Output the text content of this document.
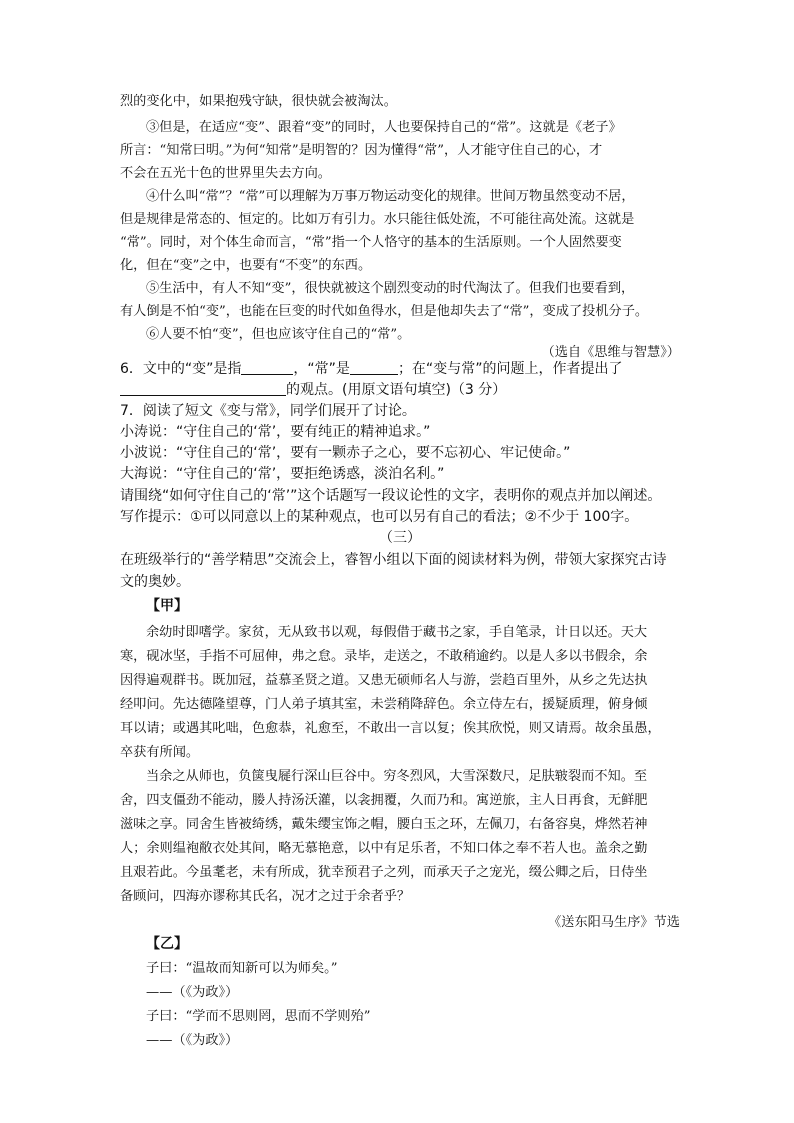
烈的变化中，如果抱残守缺，很快就会被淘汰。
③但是，在适应“变”、跟着“变”的同时，人也要保持自己的“常”。这就是《老子》
所言：“知常曰明。”为何“知常”是明智的？因为懂得“常”，人才能守住自己的心，才
不会在五光十色的世界里失去方向。
④什么叫“常”？“常”可以理解为万事万物运动变化的规律。世间万物虽然变动不居，
但是规律是常态的、恒定的。比如万有引力。水只能往低处流，不可能往高处流。这就是
“常”。同时，对个体生命而言，“常”指一个人恪守的基本的生活原则。一个人固然要变
化，但在“变”之中，也要有“不变”的东西。
⑤生活中，有人不知“变”，很快就被这个剧烈变动的时代淘汰了。但我们也要看到，
有人倒是不怕“变”，也能在巨变的时代如鱼得水，但是他却失去了“常”，变成了投机分子。
⑥人要不怕“变”，但也应该守住自己的“常”。
（选自《思维与智慧》）
6．文中的“变”是指	，“常”是	；在“变与常”的问题上，作者提出了
的观点。(用原文语句填空)（3 分）
7．阅读了短文《变与常》，同学们展开了讨论。
小涛说：“守住自己的‘常’，要有纯正的精神追求。”
小波说：“守住自己的‘常’，要有一颗赤子之心，要不忘初心、牢记使命。”
大海说：“守住自己的‘常’，要拒绝诱惑，淡泊名利。”
请围绕“如何守住自己的‘常’”这个话题写一段议论性的文字，表明你的观点并加以阐述。
写作提示：①可以同意以上的某种观点，也可以另有自己的看法；②不少于 100字。
（三）
在班级举行的“善学精思”交流会上，睿智小组以下面的阅读材料为例，带领大家探究古诗
文的奥妙。
【甲】
余幼时即嗜学。家贫，无从致书以观，每假借于藏书之家，手自笔录，计日以还。天大
寒，砚冰坚，手指不可屈伸，弗之怠。录毕，走送之，不敢稍逾约。以是人多以书假余，余
因得遍观群书。既加冠，益慕圣贤之道。又患无硕师名人与游，尝趋百里外，从乡之先达执
经叩问。先达德隆望尊，门人弟子填其室，未尝稍降辞色。余立侍左右，援疑质理，俯身倾
耳以请；或遇其叱咄，色愈恭，礼愈至，不敢出一言以复；俟其欣悦，则又请焉。故余虽愚，
卒获有所闻。
当余之从师也，负箧曳屣行深山巨谷中。穷冬烈风，大雪深数尺，足肤皲裂而不知。至
舍，四支僵劲不能动，媵人持汤沃灌，以衾拥覆，久而乃和。寓逆旅，主人日再食，无鲜肥
滋味之享。同舍生皆被绮绣，戴朱缨宝饰之帽，腰白玉之环，左佩刀，右备容臭，烨然若神
人；余则缊袍敝衣处其间，略无慕艳意，以中有足乐者，不知口体之奉不若人也。盖余之勤
且艰若此。今虽耄老，未有所成，犹幸预君子之列，而承天子之宠光，缀公卿之后，日侍坐
备顾问，四海亦谬称其氏名，况才之过于余者乎？
《送东阳马生序》节选
【乙】
子曰：“温故而知新可以为师矣。”
——（《为政》）
子曰：“学而不思则罔，思而不学则殆”
——（《为政》）
